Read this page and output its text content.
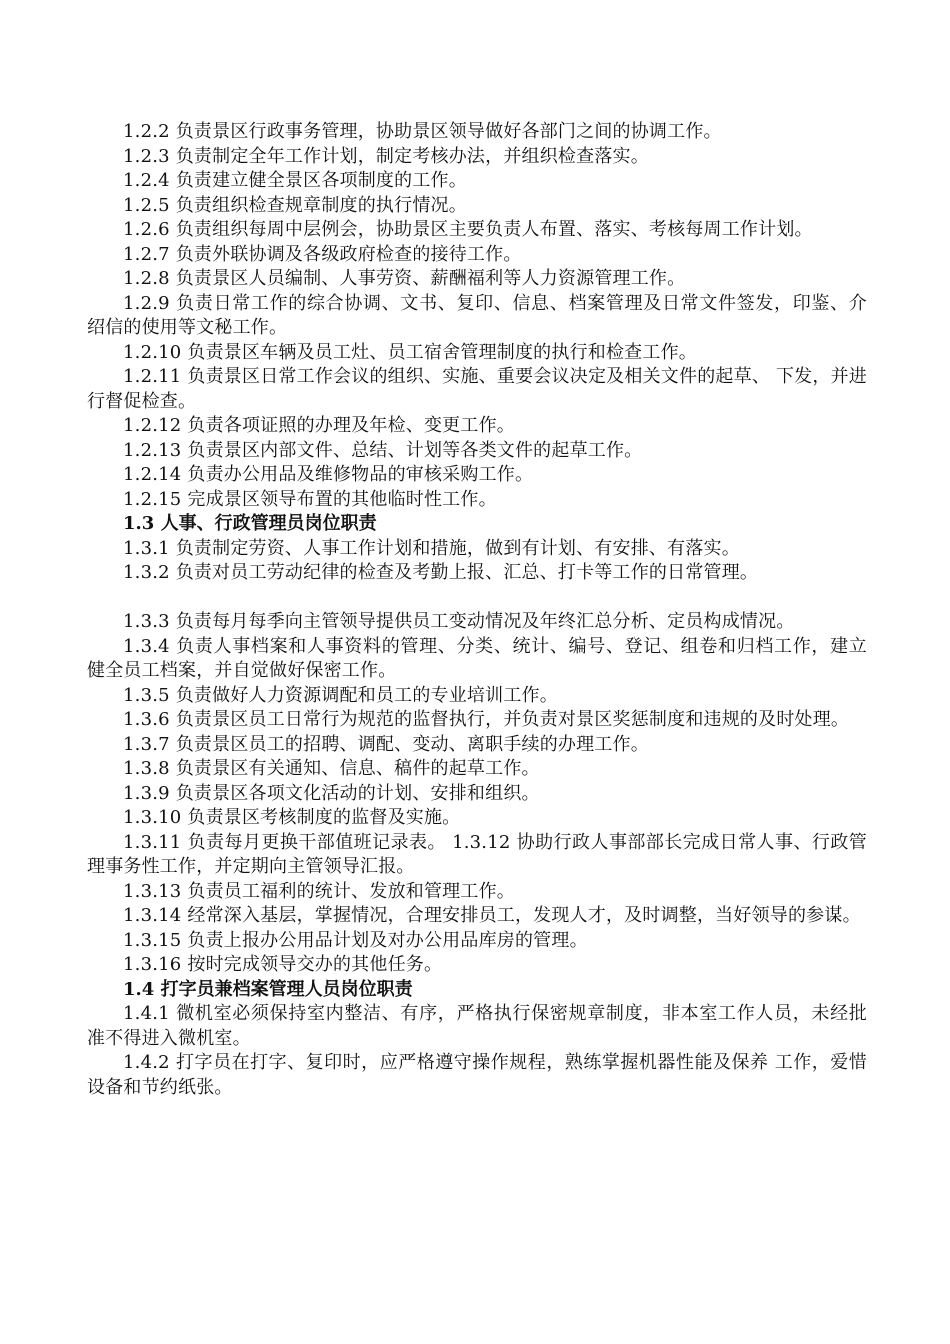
1.2.2 负责景区行政事务管理，协助景区领导做好各部门之间的协调工作。

1.2.3 负责制定全年工作计划，制定考核办法，并组织检查落实。

1.2.4 负责建立健全景区各项制度的工作。

1.2.5 负责组织检查规章制度的执行情况。

1.2.6 负责组织每周中层例会，协助景区主要负责人布置、落实、考核每周工作计划。

1.2.7 负责外联协调及各级政府检查的接待工作。

1.2.8 负责景区人员编制、人事劳资、薪酬福利等人力资源管理工作。

1.2.9 负责日常工作的综合协调、文书、复印、信息、档案管理及日常文件签发，印鉴、介绍信的使用等文秘工作。

1.2.10 负责景区车辆及员工灶、员工宿舍管理制度的执行和检查工作。

1.2.11 负责景区日常工作会议的组织、实施、重要会议决定及相关文件的起草、 下发，并进行督促检查。

1.2.12 负责各项证照的办理及年检、变更工作。

1.2.13 负责景区内部文件、总结、计划等各类文件的起草工作。

1.2.14 负责办公用品及维修物品的审核采购工作。

1.2.15 完成景区领导布置的其他临时性工作。

1.3 人事、行政管理员岗位职责

1.3.1 负责制定劳资、人事工作计划和措施，做到有计划、有安排、有落实。

1.3.2 负责对员工劳动纪律的检查及考勤上报、汇总、打卡等工作的日常管理。

1.3.3 负责每月每季向主管领导提供员工变动情况及年终汇总分析、定员构成情况。

1.3.4 负责人事档案和人事资料的管理、分类、统计、编号、登记、组卷和归档工作，建立健全员工档案，并自觉做好保密工作。

1.3.5 负责做好人力资源调配和员工的专业培训工作。

1.3.6 负责景区员工日常行为规范的监督执行，并负责对景区奖惩制度和违规的及时处理。

1.3.7 负责景区员工的招聘、调配、变动、离职手续的办理工作。

1.3.8 负责景区有关通知、信息、稿件的起草工作。

1.3.9 负责景区各项文化活动的计划、安排和组织。

1.3.10 负责景区考核制度的监督及实施。

1.3.11 负责每月更换干部值班记录表。 1.3.12 协助行政人事部部长完成日常人事、行政管理事务性工作，并定期向主管领导汇报。

1.3.13 负责员工福利的统计、发放和管理工作。

1.3.14 经常深入基层，掌握情况，合理安排员工，发现人才，及时调整，当好领导的参谋。

1.3.15 负责上报办公用品计划及对办公用品库房的管理。

1.3.16 按时完成领导交办的其他任务。

1.4 打字员兼档案管理人员岗位职责

1.4.1 微机室必须保持室内整洁、有序，严格执行保密规章制度，非本室工作人员，未经批准不得进入微机室。

1.4.2 打字员在打字、复印时，应严格遵守操作规程，熟练掌握机器性能及保养 工作，爱惜设备和节约纸张。
